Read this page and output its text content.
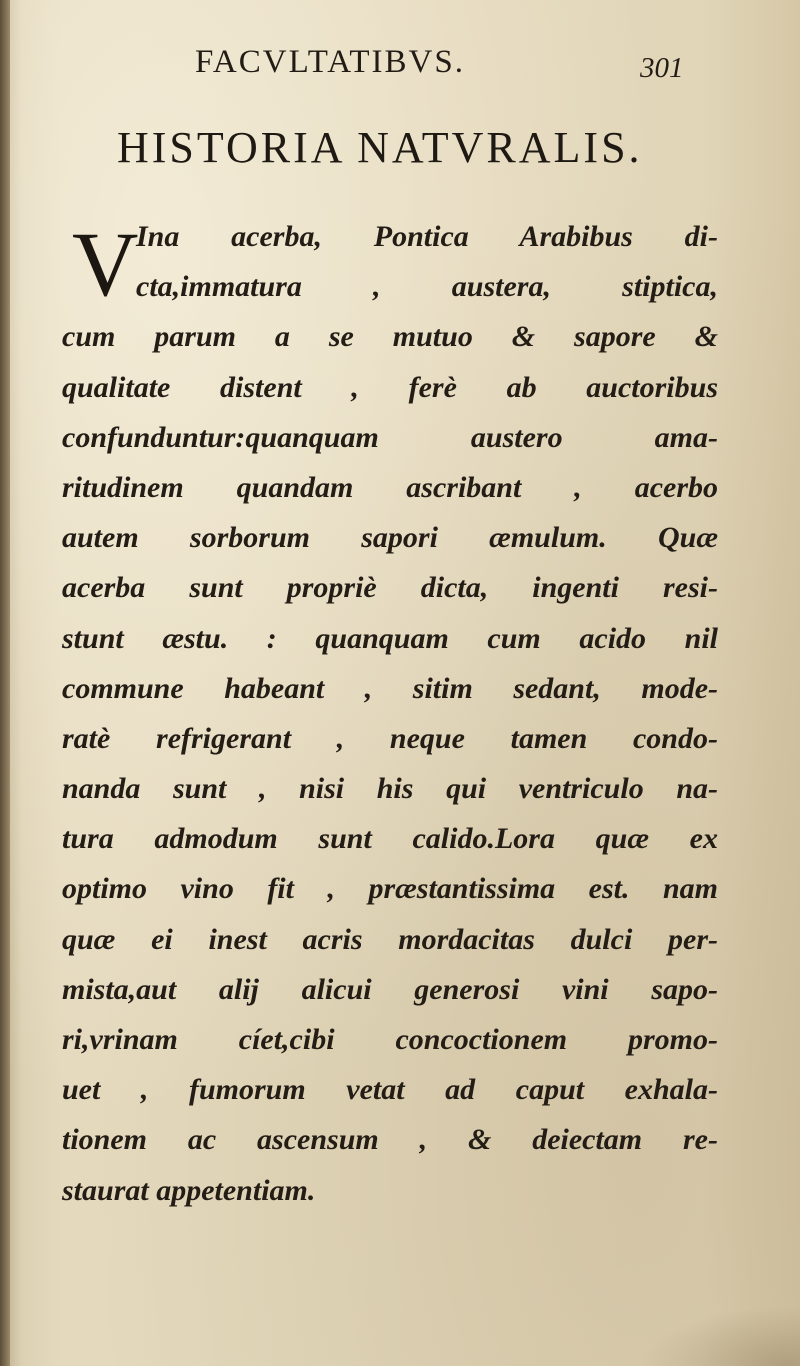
FACVLTATIBVS.	301
HISTORIA NATVRALIS.
V
Ina acerba, Pontica Arabibus di-
cta,immatura , austera, stiptica,
cum parum a se mutuo & sapore &
qualitate distent , ferè ab auctoribus
confunduntur:quanquam austero ama-
ritudinem quandam ascribant , acerbo
autem sorborum sapori æmulum. Quæ
acerba sunt propriè dicta, ingenti resi-
stunt æstu. : quanquam cum acido nil
commune habeant , sitim sedant, mode-
ratè refrigerant , neque tamen condo-
nanda sunt , nisi his qui ventriculo na-
tura admodum sunt calido.Lora quæ ex
optimo vino fit , præstantissima est. nam
quæ ei inest acris mordacitas dulci per-
mista,aut alij alicui generosi vini sapo-
ri,vrinam cíet,cibi concoctionem promo-
uet , fumorum vetat ad caput exhala-
tionem ac ascensum , & deiectam re-
staurat appetentiam.
